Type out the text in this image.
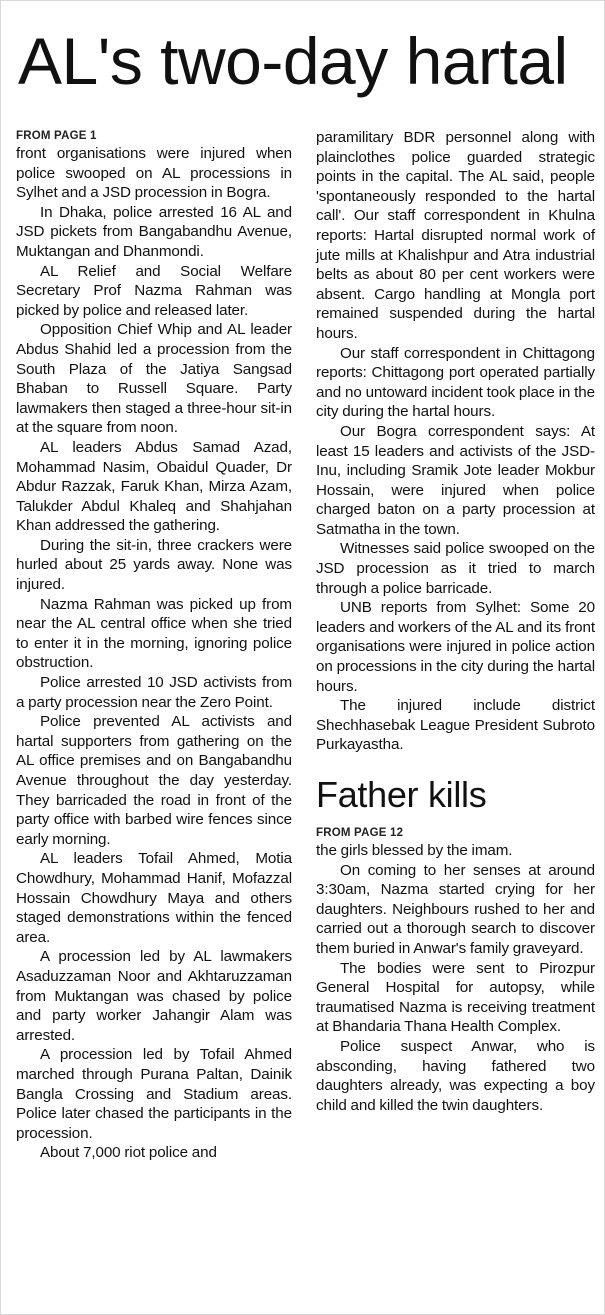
AL's two-day hartal
FROM PAGE 1

front organisations were injured when police swooped on AL processions in Sylhet and a JSD procession in Bogra.

In Dhaka, police arrested 16 AL and JSD pickets from Bangabandhu Avenue, Muktangan and Dhanmondi.

AL Relief and Social Welfare Secretary Prof Nazma Rahman was picked by police and released later.

Opposition Chief Whip and AL leader Abdus Shahid led a procession from the South Plaza of the Jatiya Sangsad Bhaban to Russell Square. Party lawmakers then staged a three-hour sit-in at the square from noon.

AL leaders Abdus Samad Azad, Mohammad Nasim, Obaidul Quader, Dr Abdur Razzak, Faruk Khan, Mirza Azam, Talukder Abdul Khaleq and Shahjahan Khan addressed the gathering.

During the sit-in, three crackers were hurled about 25 yards away. None was injured.

Nazma Rahman was picked up from near the AL central office when she tried to enter it in the morning, ignoring police obstruction.

Police arrested 10 JSD activists from a party procession near the Zero Point.

Police prevented AL activists and hartal supporters from gathering on the AL office premises and on Bangabandhu Avenue throughout the day yesterday. They barricaded the road in front of the party office with barbed wire fences since early morning.

AL leaders Tofail Ahmed, Motia Chowdhury, Mohammad Hanif, Mofazzal Hossain Chowdhury Maya and others staged demonstrations within the fenced area.

A procession led by AL lawmakers Asaduzzaman Noor and Akhtaruzzaman from Muktangan was chased by police and party worker Jahangir Alam was arrested.

A procession led by Tofail Ahmed marched through Purana Paltan, Dainik Bangla Crossing and Stadium areas. Police later chased the participants in the procession.

About 7,000 riot police and

paramilitary BDR personnel along with plainclothes police guarded strategic points in the capital. The AL said, people 'spontaneously responded to the hartal call'. Our staff correspondent in Khulna reports: Hartal disrupted normal work of jute mills at Khalishpur and Atra industrial belts as about 80 per cent workers were absent. Cargo handling at Mongla port remained suspended during the hartal hours.

Our staff correspondent in Chittagong reports: Chittagong port operated partially and no untoward incident took place in the city during the hartal hours.

Our Bogra correspondent says: At least 15 leaders and activists of the JSD-Inu, including Sramik Jote leader Mokbur Hossain, were injured when police charged baton on a party procession at Satmatha in the town.

Witnesses said police swooped on the JSD procession as it tried to march through a police barricade.

UNB reports from Sylhet: Some 20 leaders and workers of the AL and its front organisations were injured in police action on processions in the city during the hartal hours.

The injured include district Shechhasebak League President Subroto Purkayastha.

Father kills
FROM PAGE 12

the girls blessed by the imam.

On coming to her senses at around 3:30am, Nazma started crying for her daughters. Neighbours rushed to her and carried out a thorough search to discover them buried in Anwar's family graveyard.

The bodies were sent to Pirozpur General Hospital for autopsy, while traumatised Nazma is receiving treatment at Bhandaria Thana Health Complex.

Police suspect Anwar, who is absconding, having fathered two daughters already, was expecting a boy child and killed the twin daughters.
